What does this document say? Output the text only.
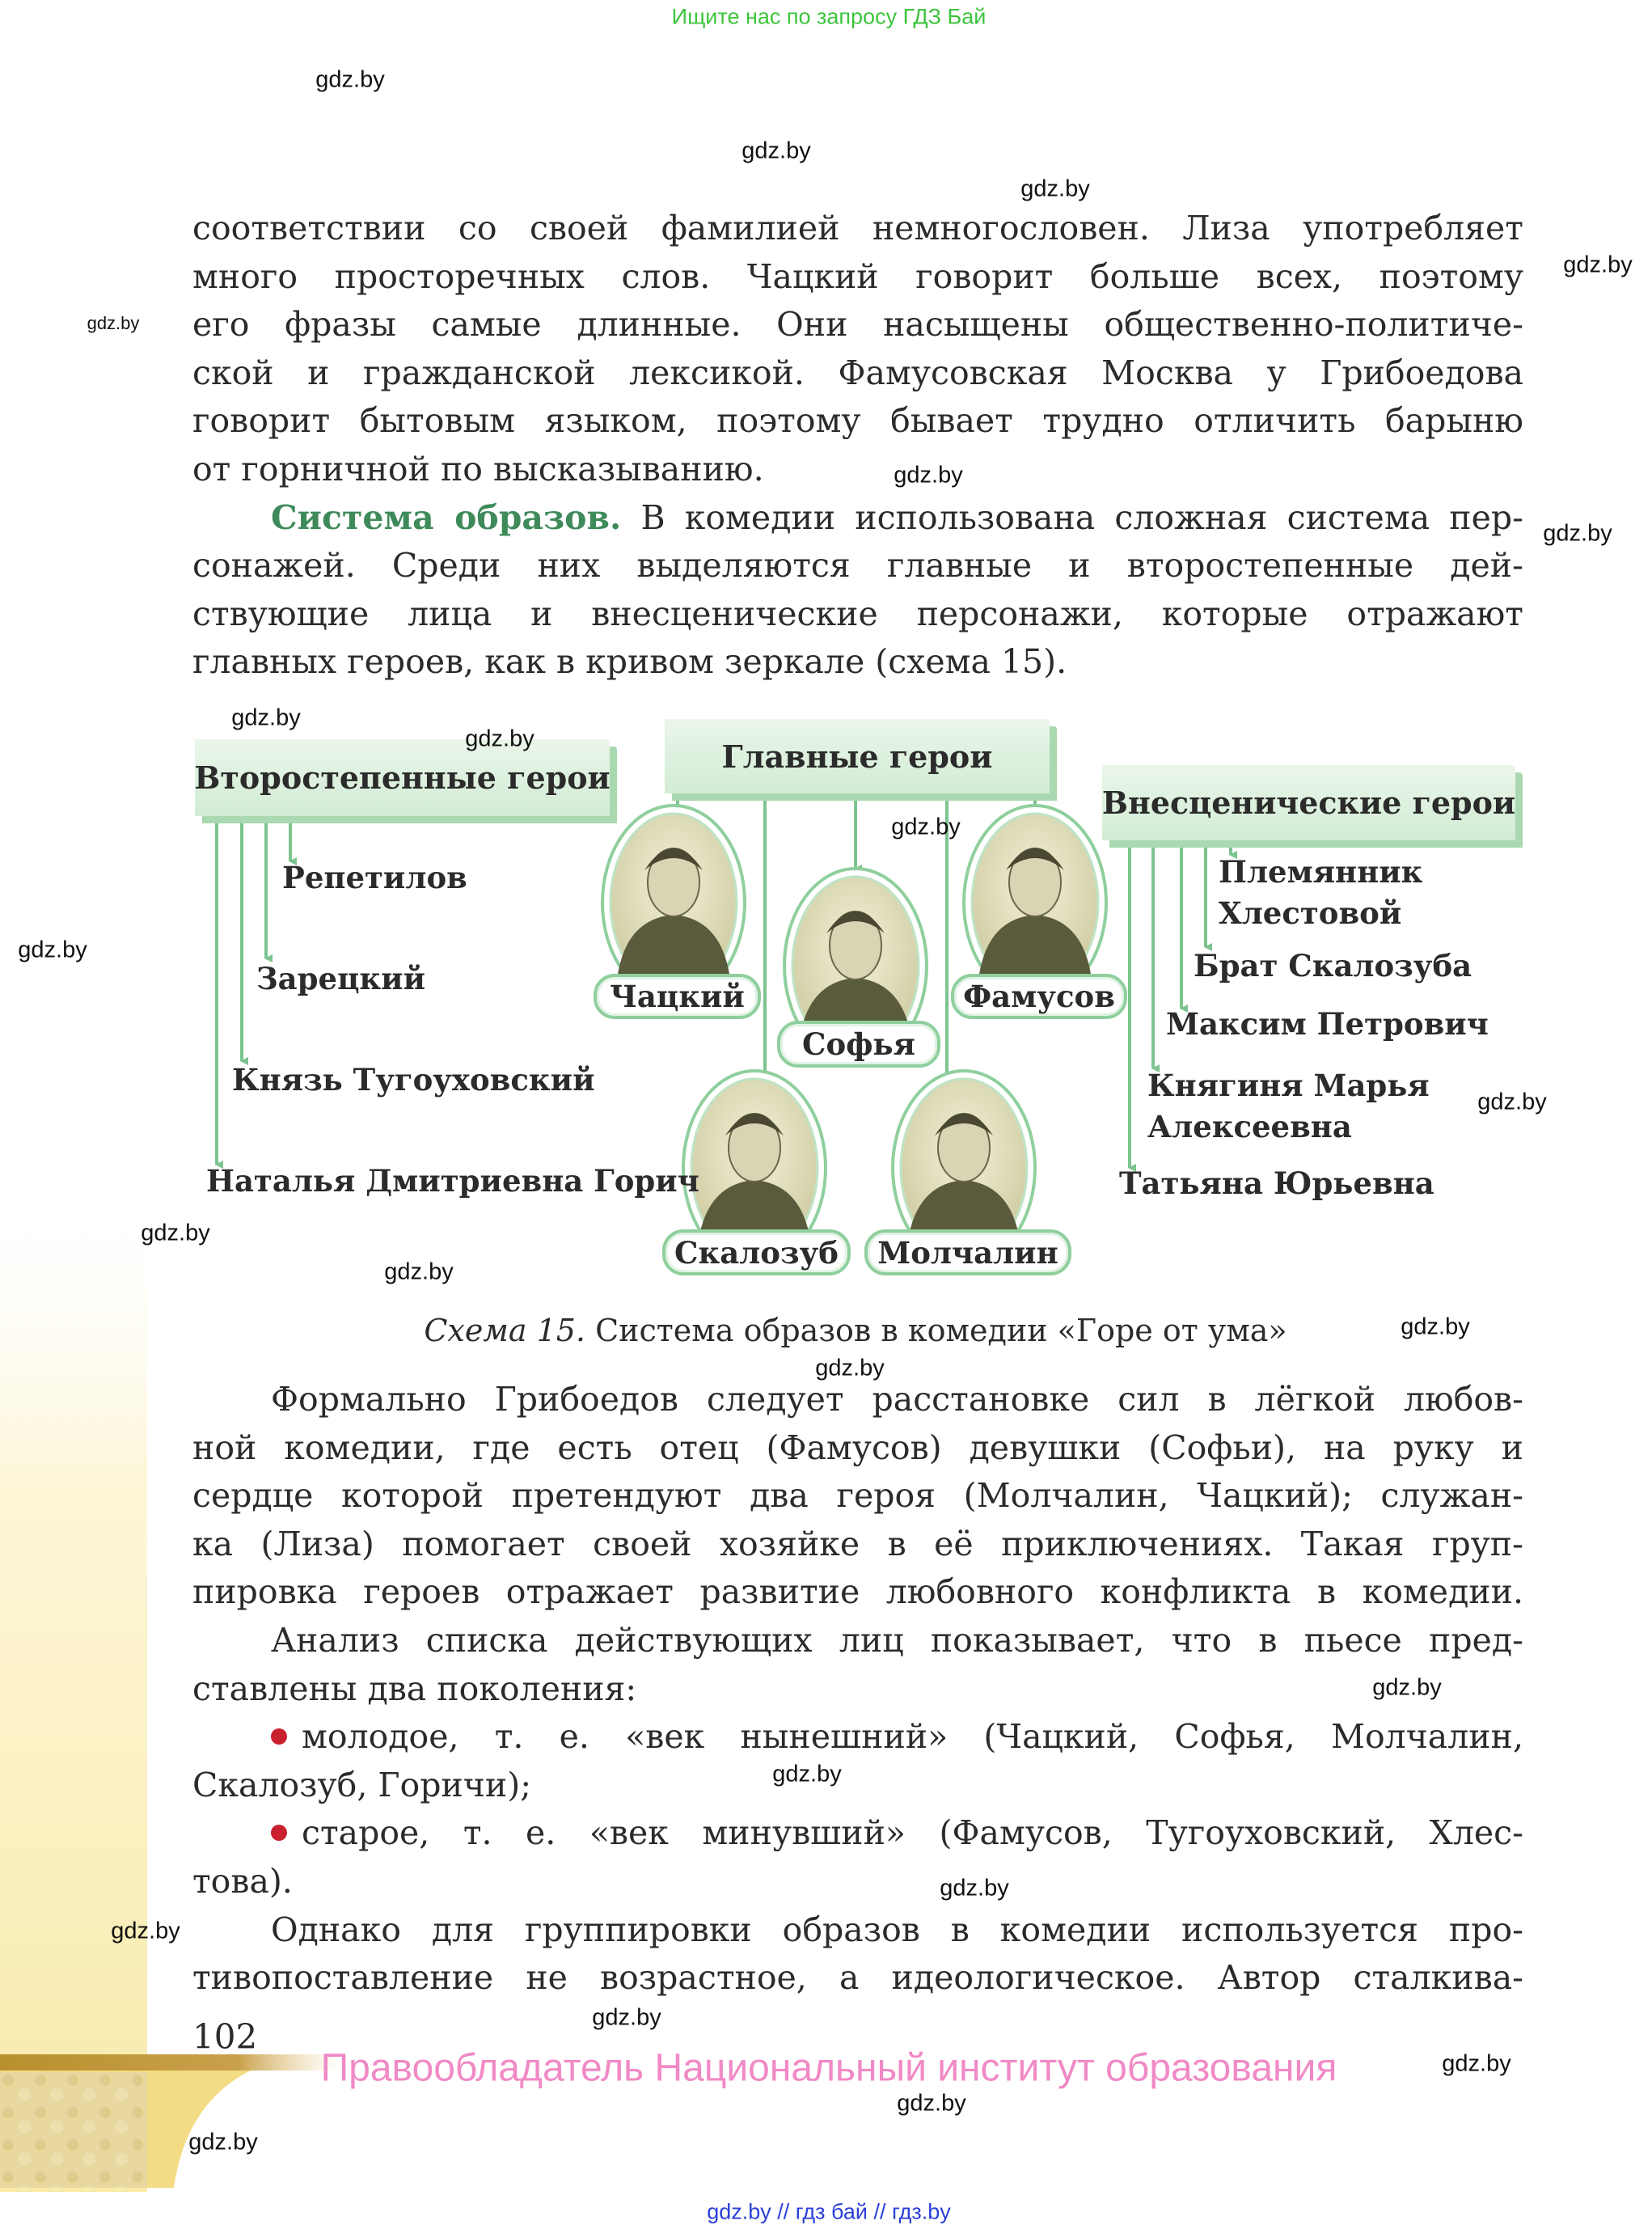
Ищите нас по запросу ГДЗ Бай
соответствии со своей фамилией немногословен. Лиза употребляет
много просторечных слов. Чацкий говорит больше всех, поэтому
его фразы самые длинные. Они насыщены общественно-политиче-
ской и гражданской лексикой. Фамусовская Москва у Грибоедова
говорит бытовым языком, поэтому бывает трудно отличить барыню
от горничной по высказыванию.
Система образов. В комедии использована сложная система пер-
сонажей. Среди них выделяются главные и второстепенные дей-
ствующие лица и внесценические персонажи, которые отражают
главных героев, как в кривом зеркале (схема 15).
Второстепенные герои
Главные герои
Внесценические герои
Репетилов
Зарецкий
Князь Тугоуховский
Наталья Дмитриевна Горич
Чацкий
Софья
Фамусов
Скалозуб	Молчалин
Племянник
Хлестовой
Брат Скалозуба
Максим Петрович
Княгиня Марья
Алексеевна
Татьяна Юрьевна
Схема 15. Система образов в комедии «Горе от ума»
Формально Грибоедов следует расстановке сил в лёгкой любов-
ной комедии, где есть отец (Фамусов) девушки (Софьи), на руку и
сердце которой претендуют два героя (Молчалин, Чацкий); служан-
ка (Лиза) помогает своей хозяйке в её приключениях. Такая груп-
пировка героев отражает развитие любовного конфликта в комедии.
Анализ списка действующих лиц показывает, что в пьесе пред-
ставлены два поколения:
молодое, т. е. «век нынешний» (Чацкий, Софья, Молчалин,
Скалозуб, Горичи);
старое, т. е. «век минувший» (Фамусов, Тугоуховский, Хлес-
това).
Однако для группировки образов в комедии используется про-
тивопоставление не возрастное, а идеологическое. Автор сталкива-
102
Правообладатель Национальный институт образования
gdz.by // гдз бай // гдз.by
gdz.by
gdz.by
gdz.by
gdz.by
gdz.by
gdz.by
gdz.by
gdz.by
gdz.by
gdz.by
gdz.by
gdz.by
gdz.by
gdz.by
gdz.by
gdz.by
gdz.by
gdz.by
gdz.by
gdz.by
gdz.by
gdz.by
gdz.by
gdz.by
